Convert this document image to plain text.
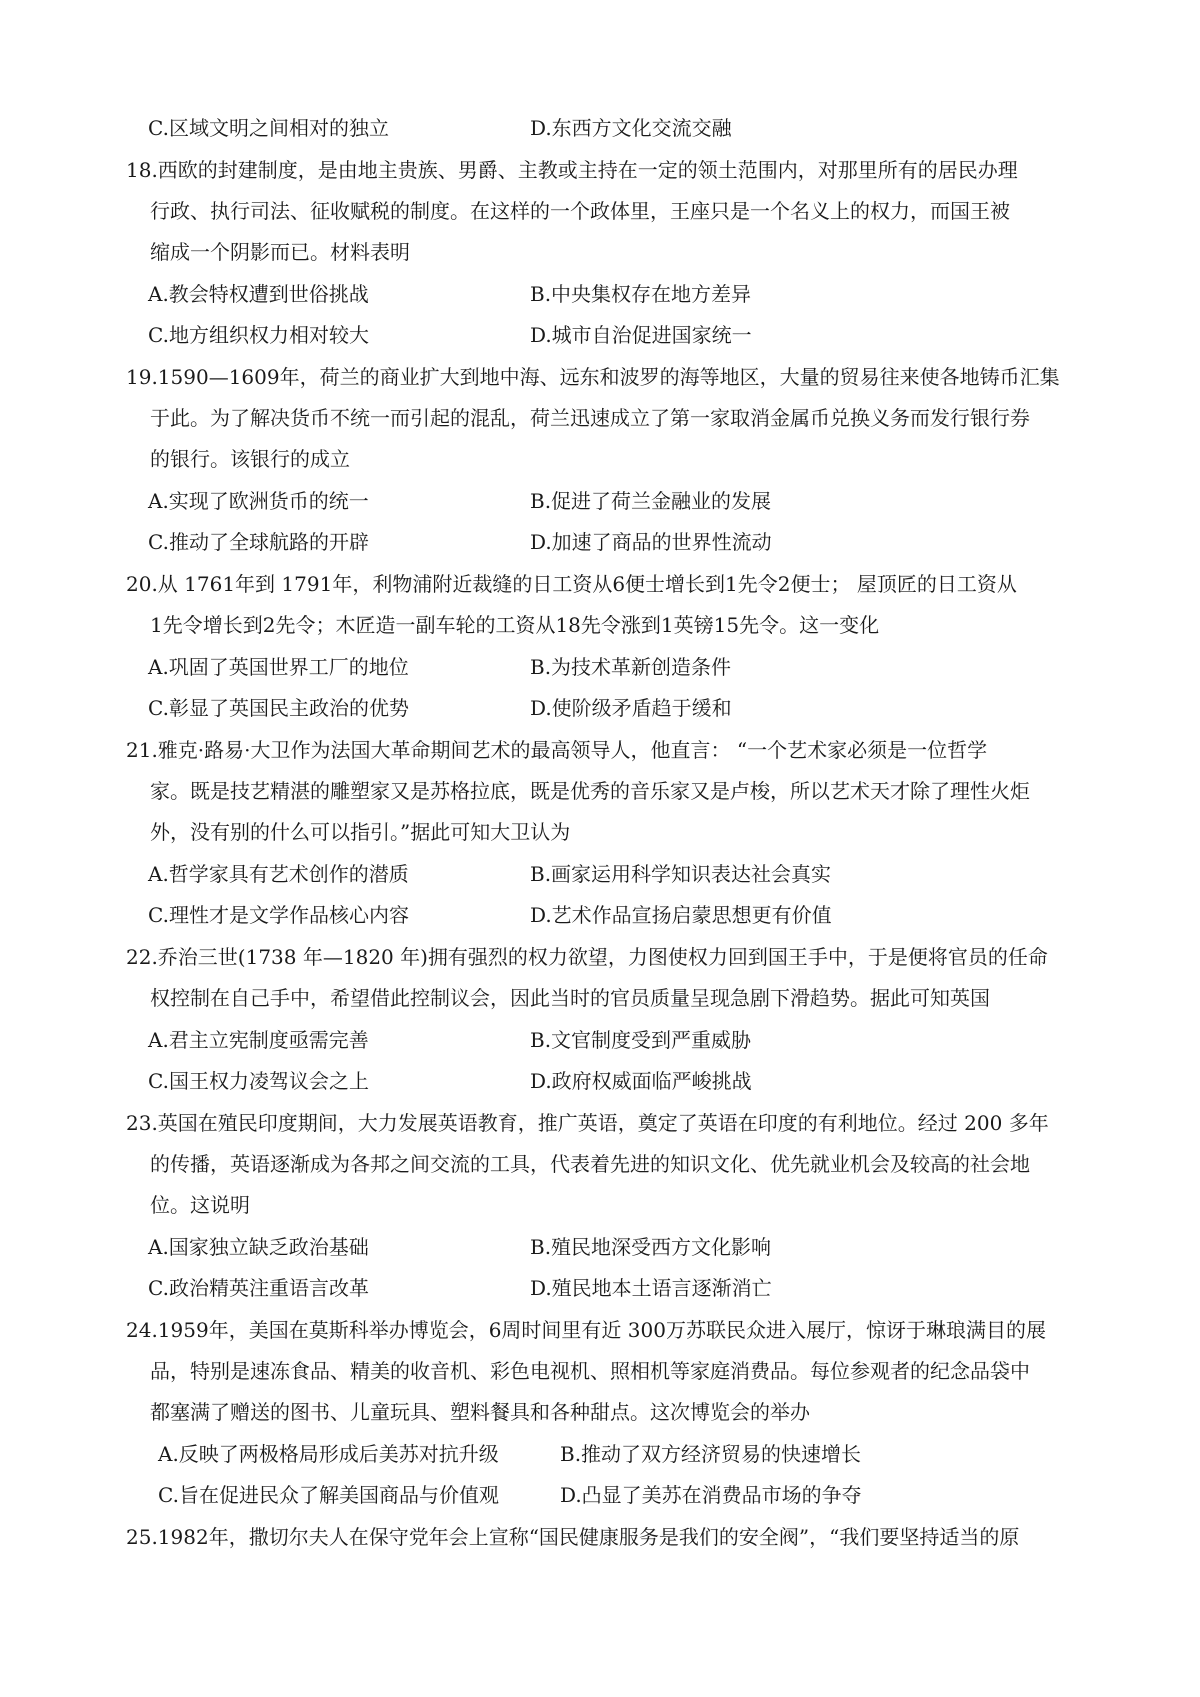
C.区域文明之间相对的独立	D.东西方文化交流交融
18.西欧的封建制度，是由地主贵族、男爵、主教或主持在一定的领土范围内，对那里所有的居民办理
行政、执行司法、征收赋税的制度。在这样的一个政体里，王座只是一个名义上的权力，而国王被
缩成一个阴影而已。材料表明
A.教会特权遭到世俗挑战	B.中央集权存在地方差异
C.地方组织权力相对较大	D.城市自治促进国家统一
19.1590—1609年，荷兰的商业扩大到地中海、远东和波罗的海等地区，大量的贸易往来使各地铸币汇集
于此。为了解决货币不统一而引起的混乱，荷兰迅速成立了第一家取消金属币兑换义务而发行银行券
的银行。该银行的成立
A.实现了欧洲货币的统一	B.促进了荷兰金融业的发展
C.推动了全球航路的开辟	D.加速了商品的世界性流动
20.从 1761年到 1791年，利物浦附近裁缝的日工资从6便士增长到1先令2便士； 屋顶匠的日工资从
1先令增长到2先令；木匠造一副车轮的工资从18先令涨到1英镑15先令。这一变化
A.巩固了英国世界工厂的地位	B.为技术革新创造条件
C.彰显了英国民主政治的优势	D.使阶级矛盾趋于缓和
21.雅克·路易·大卫作为法国大革命期间艺术的最高领导人，他直言： “一个艺术家必须是一位哲学
家。既是技艺精湛的雕塑家又是苏格拉底，既是优秀的音乐家又是卢梭，所以艺术天才除了理性火炬
外，没有别的什么可以指引。”据此可知大卫认为
A.哲学家具有艺术创作的潜质	B.画家运用科学知识表达社会真实
C.理性才是文学作品核心内容	D.艺术作品宣扬启蒙思想更有价值
22.乔治三世(1738 年—1820 年)拥有强烈的权力欲望，力图使权力回到国王手中，于是便将官员的任命
权控制在自己手中，希望借此控制议会，因此当时的官员质量呈现急剧下滑趋势。据此可知英国
A.君主立宪制度亟需完善	B.文官制度受到严重威胁
C.国王权力凌驾议会之上	D.政府权威面临严峻挑战
23.英国在殖民印度期间，大力发展英语教育，推广英语，奠定了英语在印度的有利地位。经过 200 多年
的传播，英语逐渐成为各邦之间交流的工具，代表着先进的知识文化、优先就业机会及较高的社会地
位。这说明
A.国家独立缺乏政治基础	B.殖民地深受西方文化影响
C.政治精英注重语言改革	D.殖民地本土语言逐渐消亡
24.1959年，美国在莫斯科举办博览会，6周时间里有近 300万苏联民众进入展厅，惊讶于琳琅满目的展
品，特别是速冻食品、精美的收音机、彩色电视机、照相机等家庭消费品。每位参观者的纪念品袋中
都塞满了赠送的图书、儿童玩具、塑料餐具和各种甜点。这次博览会的举办
A.反映了两极格局形成后美苏对抗升级	B.推动了双方经济贸易的快速增长
C.旨在促进民众了解美国商品与价值观	D.凸显了美苏在消费品市场的争夺
25.1982年，撒切尔夫人在保守党年会上宣称“国民健康服务是我们的安全阀”，“我们要坚持适当的原
